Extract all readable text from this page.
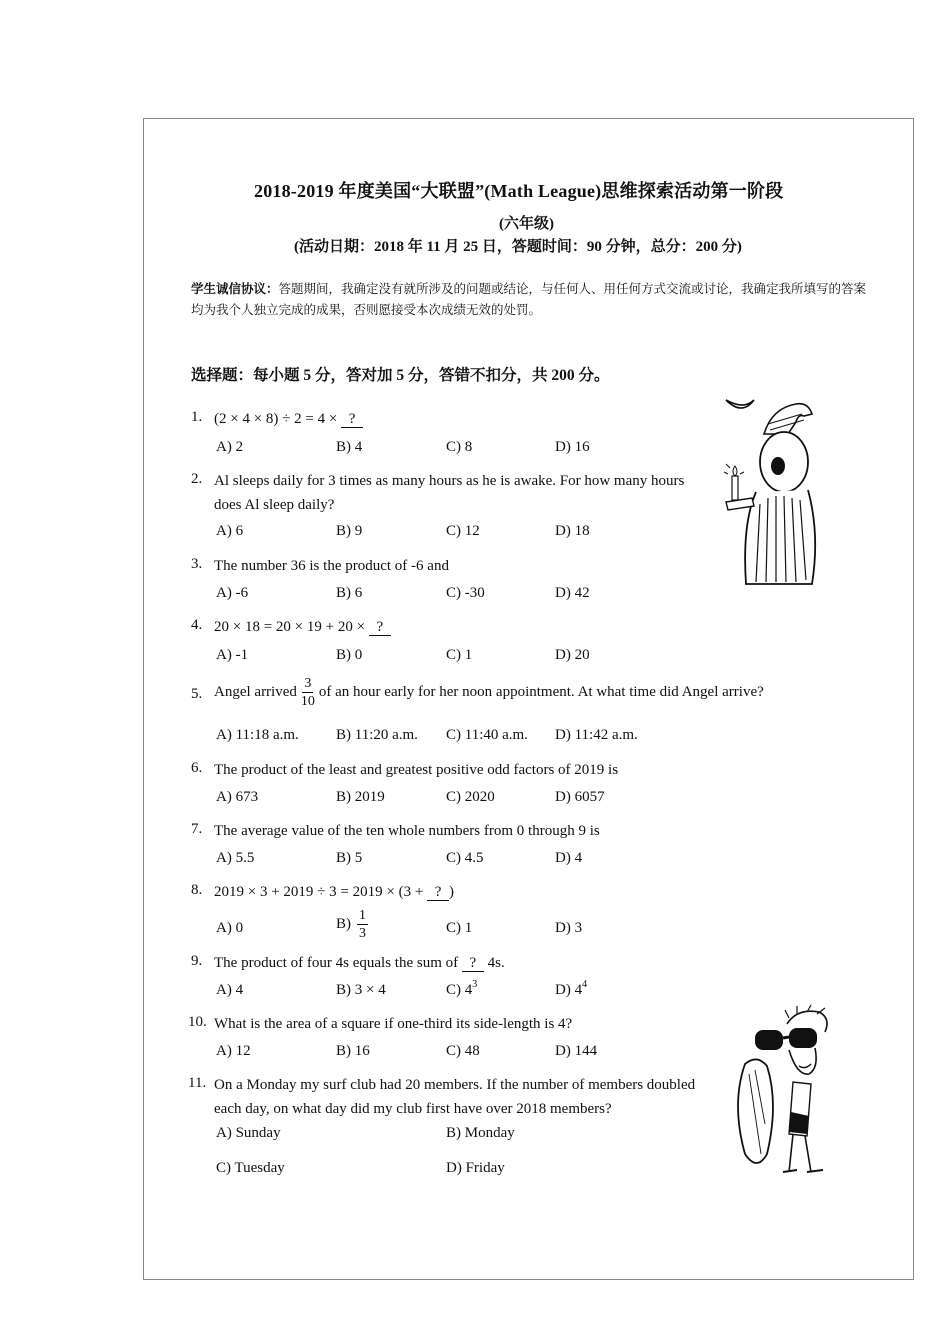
2018-2019 年度美国“大联盟”(Math League)思维探索活动第一阶段
(六年级)
(活动日期：2018 年 11 月 25 日，答题时间：90 分钟，总分：200 分)
学生诚信协议：答题期间，我确定没有就所涉及的问题或结论，与任何人、用任何方式交流或讨论，我确定我所填写的答案均为我个人独立完成的成果，否则愿接受本次成绩无效的处罚。
选择题：每小题 5 分，答对加 5 分，答错不扣分，共 200 分。
1. (2 × 4 × 8) ÷ 2 = 4 × ?
A) 2	B) 4	C) 8	D) 16
2. Al sleeps daily for 3 times as many hours as he is awake. For how many hours does Al sleep daily?
A) 6	B) 9	C) 12	D) 18
3. The number 36 is the product of -6 and
A) -6	B) 6	C) -30	D) 42
4. 20 × 18 = 20 × 19 + 20 × ?
A) -1	B) 0	C) 1	D) 20
5. Angel arrived $\frac{3}{10}$ of an hour early for her noon appointment. At what time did Angel arrive?
A) 11:18 a.m. B) 11:20 a.m. C) 11:40 a.m. D) 11:42 a.m.
6. The product of the least and greatest positive odd factors of 2019 is
A) 673	B) 2019	C) 2020	D) 6057
7. The average value of the ten whole numbers from 0 through 9 is
A) 5.5	B) 5	C) 4.5	D) 4
8. 2019 × 3 + 2019 ÷ 3 = 2019 × (3 + ? )
A) 0	$B) \frac{1}{3}$	C) 1	D) 3
9. The product of four 4s equals the sum of ? 4s.
A) 4	B) 3 × 4	C) $4^3$	D) $4^4$
10. What is the area of a square if one-third its side-length is 4?
A) 12	B) 16	C) 48	D) 144
11. On a Monday my surf club had 20 members. If the number of members doubled each day, on what day did my club first have over 2018 members?
A) Sunday	B) Monday
C) Tuesday	D) Friday
